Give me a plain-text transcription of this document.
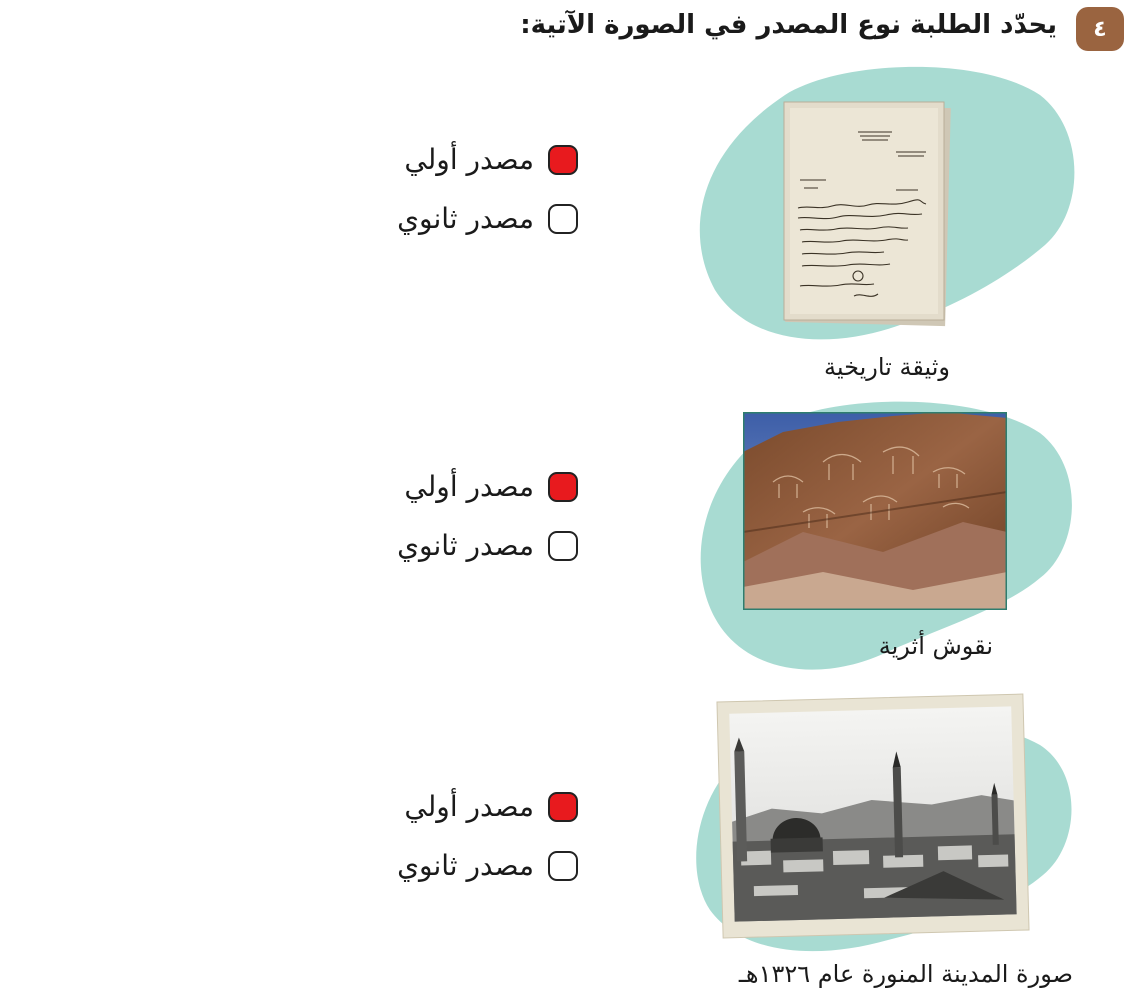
٤
يحدّد الطلبة نوع المصدر في الصورة الآتية:
وثيقة تاريخية
مصدر أولي
مصدر ثانوي
نقوش أثرية
مصدر أولي
مصدر ثانوي
صورة المدينة المنورة عام ١٣٢٦هـ
مصدر أولي
مصدر ثانوي
